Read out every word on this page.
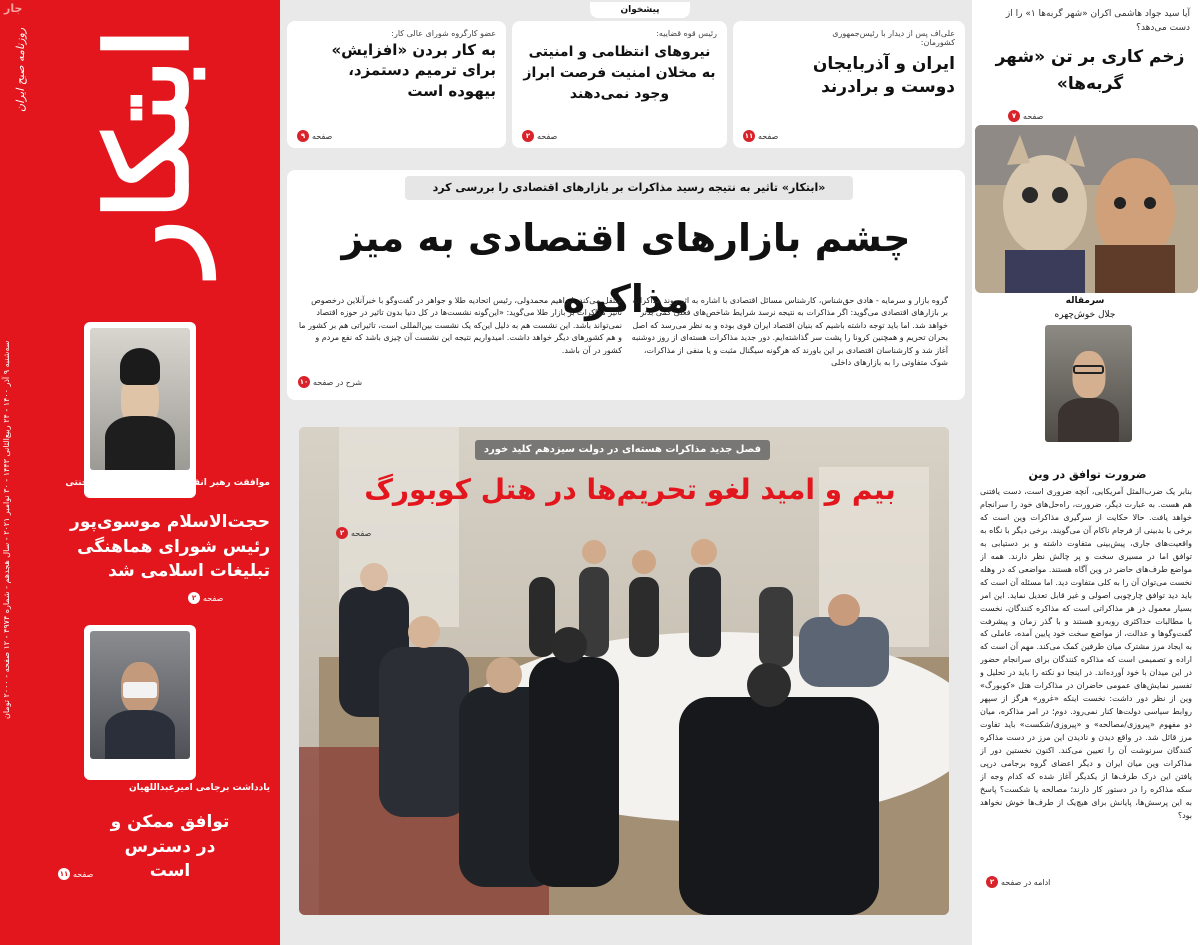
ابتکار
روزنامه صبح ایران
جار
سه‌شنبه ۹ آذر ۱۴۰۰ - ۲۴ ربیع‌الثانی ۱۴۴۳ - ۳۰ نوامبر ۲۰۲۱ - سال هجدهم - شماره ۴۹۷۴ - ۱۲ صفحه - ۲۰۰۰ تومان
موافقت رهبر انقلاب با استعفای آیت‌الله جنتی
حجت‌الاسلام موسوی‌پور رئیس شورای هماهنگی تبلیغات اسلامی شد
صفحه
۲
یادداشت برجامی امیرعبداللهیان
توافق ممکن و در دسترس است
صفحه
۱۱
پیشخوان
علی‌اف پس از دیدار با رئیس‌جمهوری کشورمان:
ایران و آذربایجان دوست و برادرند
صفحه
۱۱
رئیس قوه قضاییه:
نیروهای انتظامی و امنیتی به مخلان امنیت فرصت ابراز وجود نمی‌دهند
صفحه
۲
عضو کارگروه شورای عالی کار:
به کار بردن «افزایش» برای ترمیم دستمزد، بیهوده است
صفحه
۹
«ابتکار» تاثیر به نتیجه رسید مذاکرات بر بازارهای اقتصادی را بررسی کرد
چشم بازارهای اقتصادی به میز مذاکره
گروه بازار و سرمایه - هادی حق‌شناس، کارشناس مسائل اقتصادی با اشاره به اثر روند مذاکرات بر بازارهای اقتصادی می‌گوید: اگر مذاکرات به نتیجه نرسد شرایط شاخص‌های فعلی کمی بدتر خواهد شد. اما باید توجه داشته باشیم که بنیان اقتصاد ایران قوی بوده و به نظر می‌رسد که اصل بحران تحریم و همچنین کرونا را پشت سر گذاشته‌ایم. دور جدید مذاکرات هسته‌ای از روز دوشنبه آغاز شد و کارشناسان اقتصادی بر این باورند که هرگونه سیگنال مثبت و یا منفی از مذاکرات، شوک متفاوتی را به بازارهای داخلی
منتقل می‌کند. ابراهیم محمدولی، رئیس اتحادیه طلا و جواهر در گفت‌وگو با خبرآنلاین درخصوص تاثیر مذاکرات بر بازار طلا می‌گوید: «این‌گونه نشست‌ها در کل دنیا بدون تاثیر در حوزه اقتصاد نمی‌تواند باشد. این نشست هم به دلیل این‌که یک نشست بین‌المللی است، تاثیراتی هم بر کشور ما و هم کشورهای دیگر خواهد داشت. امیدواریم نتیجه این نشست آن چیزی باشد که نفع مردم و کشور در آن باشد.
شرح در صفحه
۱۰
فصل جدید مذاکرات هسته‌ای در دولت سیزدهم کلید خورد
بیم و امید لغو تحریم‌ها در هتل کوبورگ
صفحه
۲
آیا سید جواد هاشمی اکران «شهر گربه‌ها ۱» را از دست می‌دهد؟
زخم کاری بر تن «شهر گربه‌ها»
صفحه
۷
سرمقاله
جلال خوش‌چهره
ضرورت توافق در وین
بنابر یک ضرب‌المثل آمریکایی، آنچه ضروری است، دست یافتنی هم هست. به عبارت دیگر، ضرورت، راه‌حل‌های خود را سرانجام خواهد یافت. حالا حکایت از سرگیری مذاکرات وین است که برخی با بدبینی از فرجام ناکام آن می‌گویند. برخی دیگر با نگاه به واقعیت‌های جاری، پیش‌بینی متفاوت داشته و بر دستیابی به توافق اما در مسیری سخت و پر چالش نظر دارند. همه از مواضع طرف‌های حاضر در وین آگاه هستند. مواضعی که در وهله نخست می‌توان آن را به کلی متفاوت دید. اما مسئله آن است که باید دید توافق چارچوبی اصولی و غیر قابل تعدیل نماید. این امر بسیار معمول در هر مذاکراتی است که مذاکره کنندگان، نخست با مطالبات حداکثری روبه‌رو هستند و با گذر زمان و پیشرفت گفت‌وگوها و عدالت، از مواضع سخت خود پایین آمده، عاملی که به ایجاد مرز مشترک میان طرفین کمک می‌کند. مهم آن است که اراده و تصمیمی است که مذاکره کنندگان برای سرانجام حضور در این میدان با خود آورده‌اند. در اینجا دو نکته را باید در تحلیل و تفسیر نمایش‌های عمومی حاضران در مذاکرات هتل «کوبورگ» وین از نظر دور داشت: نخست اینکه «غرور» هرگز از سپهر روابط سیاسی دولت‌ها کنار نمی‌رود. دوم؛ در امر مذاکره، میان دو مفهوم «پیروزی/مصالحه» و «پیروزی/شکست» باید تفاوت مرز قائل شد. در واقع دیدن و نادیدن این مرز در دست مذاکره کنندگان سرنوشت آن را تعیین می‌کند. اکنون نخستین دور از مذاکرات وین میان ایران و دیگر اعضای گروه برجامی درپی یافتن این درک طرف‌ها از یکدیگر آغاز شده که کدام وجه از سکه مذاکره را در دستور کار دارند؛ مصالحه یا شکست؟ پاسخ به این پرسش‌ها، پایانش برای هیچ‌یک از طرف‌ها خوش نخواهد بود؟
ادامه در صفحه
۲
